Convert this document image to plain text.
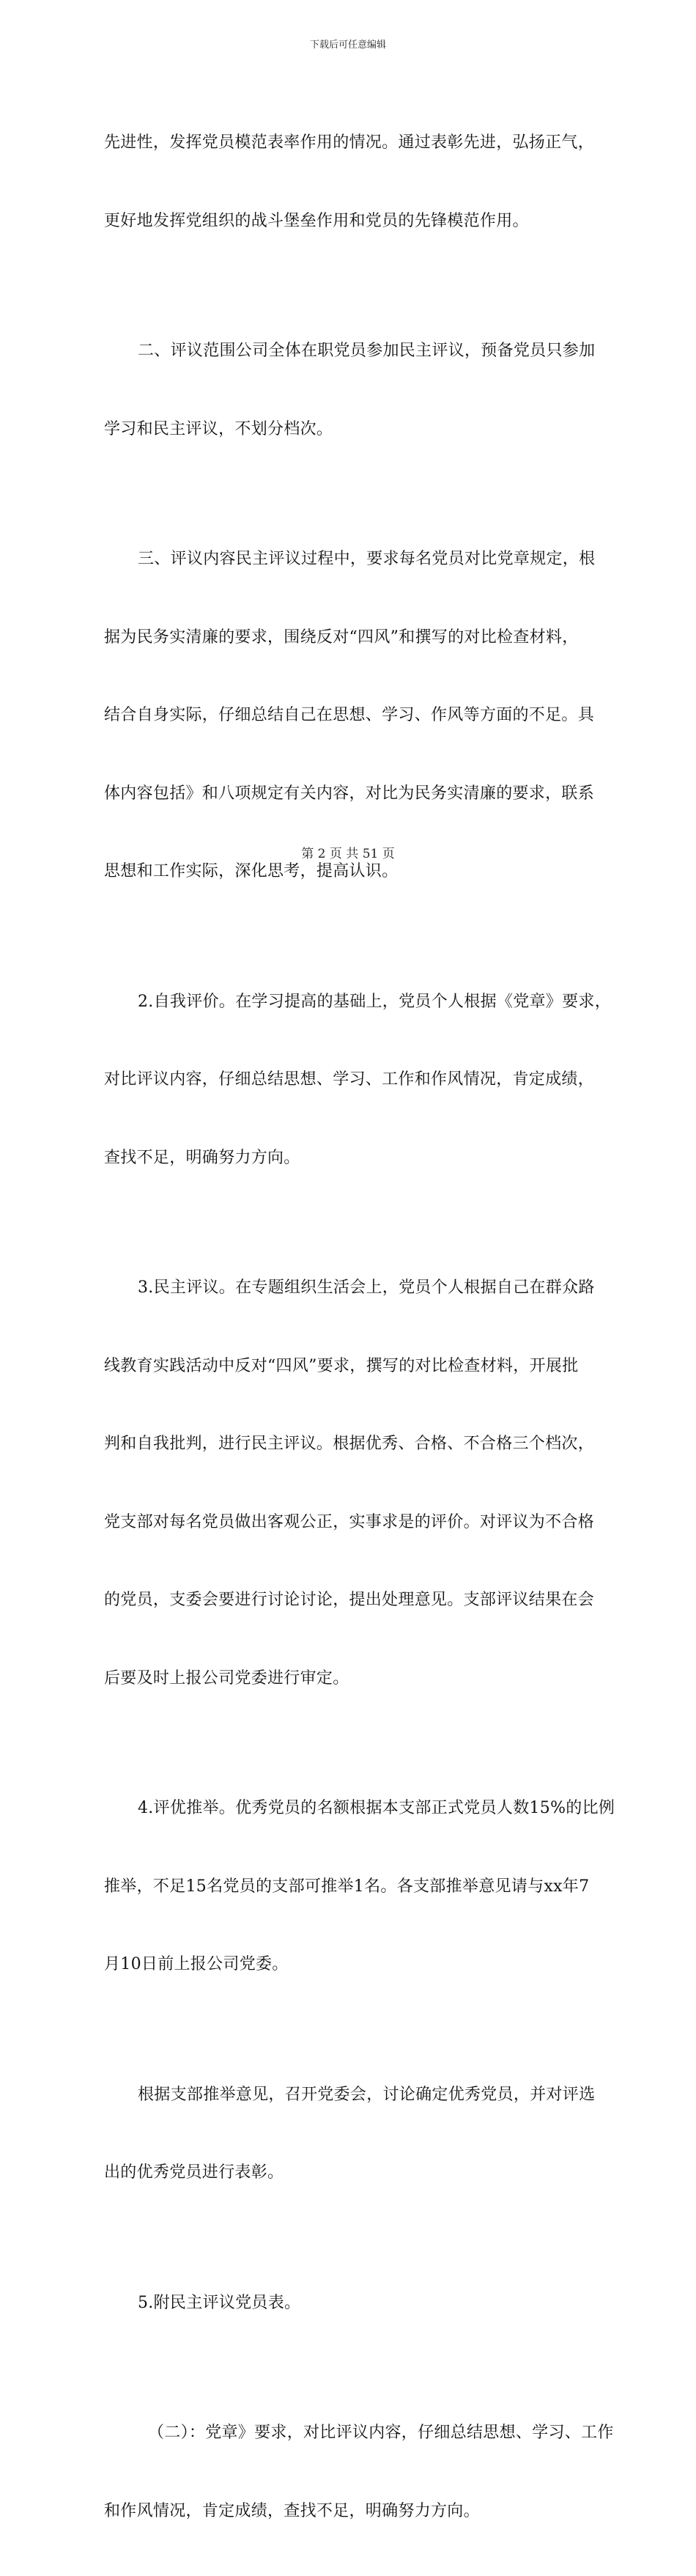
下载后可任意编辑

先进性，发挥党员模范表率作用的情况。通过表彰先进，弘扬正气，

更好地发挥党组织的战斗堡垒作用和党员的先锋模范作用。

二、评议范围公司全体在职党员参加民主评议，预备党员只参加

学习和民主评议，不划分档次。

三、评议内容民主评议过程中，要求每名党员对比党章规定，根

据为民务实清廉的要求，围绕反对“四风”和撰写的对比检查材料，

结合自身实际，仔细总结自己在思想、学习、作风等方面的不足。具

体内容包括》和八项规定有关内容，对比为民务实清廉的要求，联系

思想和工作实际，深化思考，提高认识。

2.自我评价。在学习提高的基础上，党员个人根据《党章》要求，

对比评议内容，仔细总结思想、学习、工作和作风情况，肯定成绩，

查找不足，明确努力方向。

3.民主评议。在专题组织生活会上，党员个人根据自己在群众路

线教育实践活动中反对“四风”要求，撰写的对比检查材料，开展批

判和自我批判，进行民主评议。根据优秀、合格、不合格三个档次，

党支部对每名党员做出客观公正，实事求是的评价。对评议为不合格

的党员，支委会要进行讨论讨论，提出处理意见。支部评议结果在会

后要及时上报公司党委进行审定。

4.评优推举。优秀党员的名额根据本支部正式党员人数15%的比例

推举，不足15名党员的支部可推举1名。各支部推举意见请与xx年7

月10日前上报公司党委。

根据支部推举意见，召开党委会，讨论确定优秀党员，并对评选

出的优秀党员进行表彰。

5.附民主评议党员表。

（二）：党章》要求，对比评议内容，仔细总结思想、学习、工作

和作风情况，肯定成绩，查找不足，明确努力方向。

第 2 页 共 51 页
